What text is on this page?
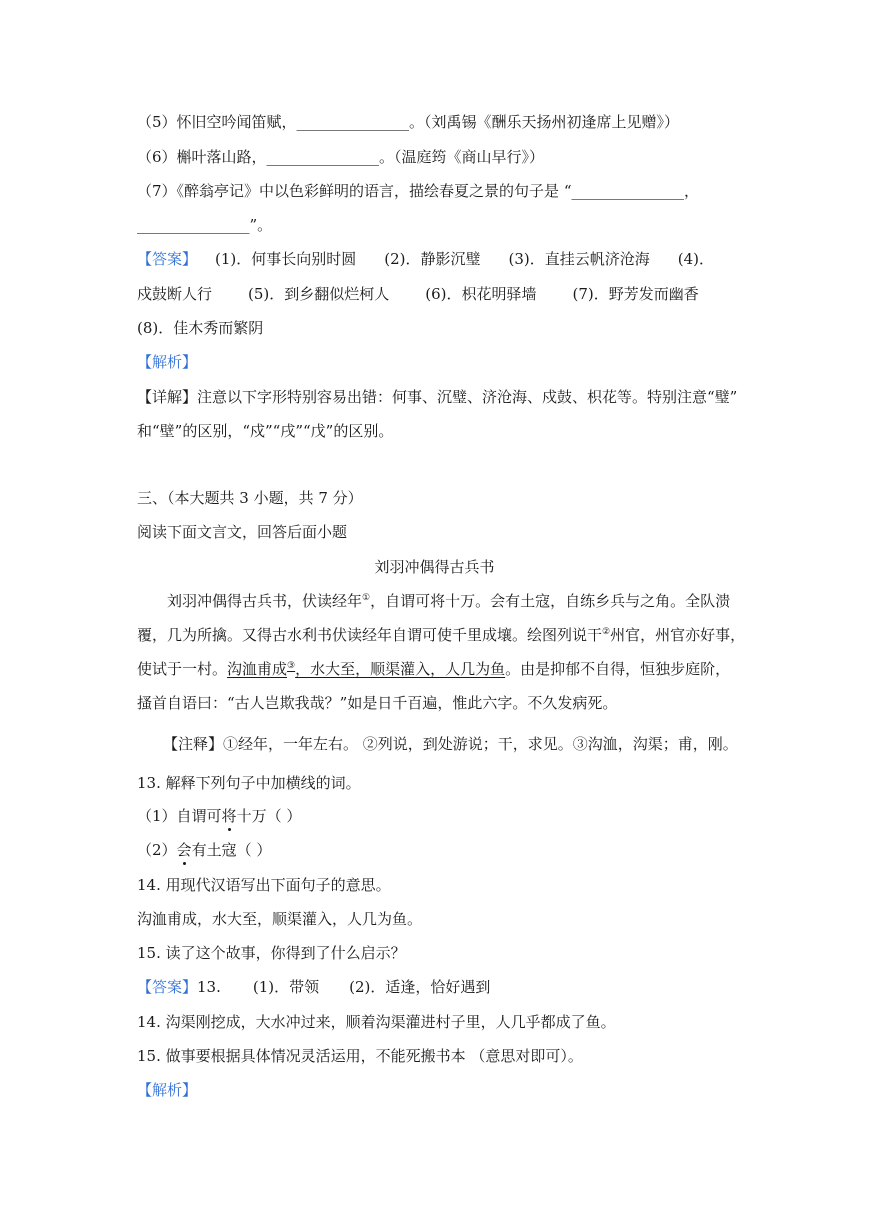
（5）怀旧空吟闻笛赋，_______________。（刘禹锡《酬乐天扬州初逢席上见赠》）
（6）槲叶落山路，_______________。（温庭筠《商山早行》）
（7）《醉翁亭记》中以色彩鲜明的语言，描绘春夏之景的句子是 “_______________，
_______________”。
【答案】 (1)．何事长向别时圆 (2)．静影沉璧 (3)．直挂云帆济沧海 (4)．
戍鼓断人行 (5)．到乡翻似烂柯人 (6)．枳花明驿墙 (7)．野芳发而幽香
(8)．佳木秀而繁阴
【解析】
【详解】注意以下字形特别容易出错：何事、沉璧、济沧海、戍鼓、枳花等。特别注意“璧”
和“壁”的区别，“戍”“戌”“戊”的区别。
三、（本大题共 3 小题，共 7 分）
阅读下面文言文，回答后面小题
刘羽冲偶得古兵书
刘羽冲偶得古兵书，伏读经年①，自谓可将十万。会有土寇，自练乡兵与之角。全队溃
覆，几为所擒。又得古水利书伏读经年自谓可使千里成壤。绘图列说干②州官，州官亦好事，
使试于一村。沟洫甫成③，水大至，顺渠灌入，人几为鱼。由是抑郁不自得，恒独步庭阶，
搔首自语曰：“古人岂欺我哉？”如是日千百遍，惟此六字。不久发病死。
【注释】①经年，一年左右。 ②列说，到处游说；干，求见。③沟洫，沟渠；甫，刚。
13. 解释下列句子中加横线的词。
（1）自谓可将十万（ ）
（2）会有土寇（ ）
14. 用现代汉语写出下面句子的意思。
沟洫甫成，水大至，顺渠灌入，人几为鱼。
15. 读了这个故事，你得到了什么启示？
【答案】13. (1)．带领 (2)．适逢，恰好遇到
14. 沟渠刚挖成，大水冲过来，顺着沟渠灌进村子里，人几乎都成了鱼。
15. 做事要根据具体情况灵活运用，不能死搬书本 （意思对即可）。
【解析】
